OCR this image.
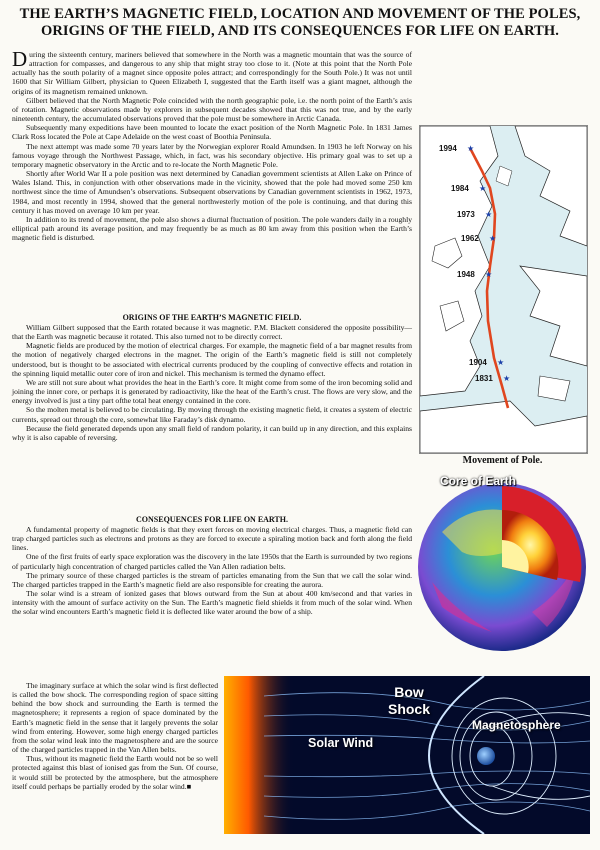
THE EARTH’S MAGNETIC FIELD, LOCATION AND MOVEMENT OF THE POLES, ORIGINS OF THE FIELD, AND ITS CONSEQUENCES FOR LIFE ON EARTH.

During the sixteenth century, mariners believed that somewhere in the North was a magnetic mountain that was the source of attraction for compasses, and dangerous to any ship that might stray too close to it. (Note at this point that the North Pole actually has the south polarity of a magnet since opposite poles attract; and correspondingly for the South Pole.) It was not until 1600 that Sir William Gilbert, physician to Queen Elizabeth I, suggested that the Earth itself was a giant magnet, although the origins of its magnetism remained unknown.

Gilbert believed that the North Magnetic Pole coincided with the north geographic pole, i.e. the north point of the Earth’s axis of rotation. Magnetic observations made by explorers in subsequent decades showed that this was not true, and by the early nineteenth century, the accumulated observations proved that the pole must be somewhere in Arctic Canada.

Subsequently many expeditions have been mounted to locate the exact position of the North Magnetic Pole. In 1831 James Clark Ross located the Pole at Cape Adelaide on the west coast of Boothia Peninsula.

The next attempt was made some 70 years later by the Norwegian explorer Roald Amundsen. In 1903 he left Norway on his famous voyage through the Northwest Passage, which, in fact, was his secondary objective. His primary goal was to set up a temporary magnetic observatory in the Arctic and to re-locate the North Magnetic Pole.

Shortly after World War II a pole position was next determined by Canadian government scientists at Allen Lake on Prince of Wales Island. This, in conjunction with other observations made in the vicinity, showed that the pole had moved some 250 km northwest since the time of Amundsen’s observations. Subsequent observations by Canadian government scientists in 1962, 1973, 1984, and most recently in 1994, showed that the general northwesterly motion of the pole is continuing, and that during this century it has moved on average 10 km per year.

In addition to its trend of movement, the pole also shows a diurnal fluctuation of position. The pole wanders daily in a roughly elliptical path around its average position, and may frequently be as much as 80 km away from this position when the Earth’s magnetic field is disturbed.

ORIGINS OF THE EARTH’S MAGNETIC FIELD.

William Gilbert supposed that the Earth rotated because it was magnetic. P.M. Blackett considered the opposite possibility—that the Earth was magnetic because it rotated. This also turned not to be directly correct.

Magnetic fields are produced by the motion of electrical charges. For example, the magnetic field of a bar magnet results from the motion of negatively charged electrons in the magnet. The origin of the Earth’s magnetic field is still not completely understood, but is thought to be associated with electrical currents produced by the coupling of convective effects and rotation in the spinning liquid metallic outer core of iron and nickel. This mechanism is termed the dynamo effect.

We are still not sure about what provides the heat in the Earth’s core. It might come from some of the iron becoming solid and joining the inner core, or perhaps it is generated by radioactivity, like the heat of the Earth’s crust. The flows are very slow, and the energy involved is just a tiny part ofthe total heat energy contained in the core.

So the molten metal is believed to be circulating. By moving through the existing magnetic field, it creates a system of electric currents, spread out through the core, somewhat like Faraday’s disk dynamo.

Because the field generated depends upon any small field of random polarity, it can build up in any direction, and this explains why it is also capable of reversing.

CONSEQUENCES FOR LIFE ON EARTH.

A fundamental property of magnetic fields is that they exert forces on moving electrical charges. Thus, a magnetic field can trap charged particles such as electrons and protons as they are forced to execute a spiraling motion back and forth along the field lines.

One of the first fruits of early space exploration was the discovery in the late 1950s that the Earth is surrounded by two regions of particularly high concentration of charged particles called the Van Allen radiation belts.

The primary source of these charged particles is the stream of particles emanating from the Sun that we call the solar wind. The charged particles trapped in the Earth’s magnetic field are also responsible for creating the aurora.

The solar wind is a stream of ionized gases that blows outward from the Sun at about 400 km/second and that varies in intensity with the amount of surface activity on the Sun. The Earth’s magnetic field shields it from much of the solar wind. When the solar wind encounters Earth’s magnetic field it is deflected like water around the bow of a ship.

The imaginary surface at which the solar wind is first deflected is called the bow shock. The corresponding region of space sitting behind the bow shock and surrounding the Earth is termed the magnetosphere; it represents a region of space dominated by the Earth’s magnetic field in the sense that it largely prevents the solar wind from entering. However, some high energy charged particles from the solar wind leak into the magnetosphere and are the source of the charged particles trapped in the Van Allen belts.

Thus, without its magnetic field the Earth would not be so well protected against this blast of ionised gas from the Sun. Of course, it would still be protected by the atmosphere, but the atmosphere itself could perhaps be partially eroded by the solar wind.■

★
1994
★
1984
★
1973
★
1962
★
1948
★
1904
★
1831
Movement of Pole.
Core of Earth
Bow
Shock
Magnetosphere
Solar Wind
